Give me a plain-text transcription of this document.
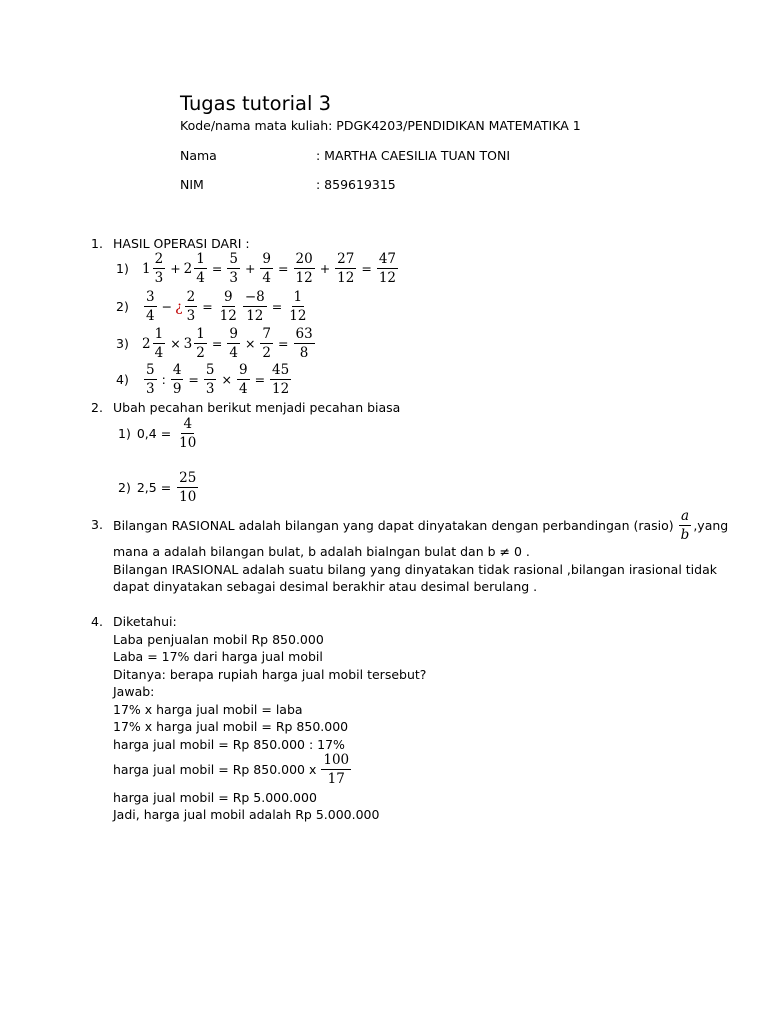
Tugas tutorial 3
Kode/nama mata kuliah: PDGK4203/PENDIDIKAN MATEMATIKA 1
Nama	: MARTHA CAESILIA TUAN TONI
NIM	: 859619315
1. HASIL OPERASI DARI :
1) $1 \frac{2}{3} + 2 \frac{1}{4} = \frac{5}{3} + \frac{9}{4} = \frac{20}{12} + \frac{27}{12} = \frac{47}{12}$
2)	$\frac{3}{4}$ − ¿ $\frac{2}{3} = \frac{9}{12} \frac{-8}{12} = \frac{1}{12}$
3) $2 \frac{1}{4} \times 3 \frac{1}{2} = \frac{9}{4} \times \frac{7}{2} = \frac{63}{8}$
4)	$\frac{5}{3}$ : $\frac{4}{9} = \frac{5}{3} \times \frac{9}{4} = \frac{45}{12}$
2. Ubah pecahan berikut menjadi pecahan biasa
1) $0,4 = \frac{4}{10}$
2) $2,5 = \frac{25}{10}$
3. Bilangan RASIONAL adalah bilangan yang dapat dinyatakan dengan perbandingan (rasio) $\frac{a}{b}$ ,yang
mana a adalah bilangan bulat, b adalah bialngan bulat dan b ≠ 0 .
Bilangan IRASIONAL adalah suatu bilang yang dinyatakan tidak rasional ,bilangan irasional tidak
dapat dinyatakan sebagai desimal berakhir atau desimal berulang .
4. Diketahui:
Laba penjualan mobil Rp 850.000
Laba = 17% dari harga jual mobil
Ditanya: berapa rupiah harga jual mobil tersebut?
Jawab:
17% x harga jual mobil = laba
17% x harga jual mobil = Rp 850.000
harga jual mobil = Rp 850.000 : 17%
harga jual mobil = Rp 850.000 x $\frac{100}{17}$
harga jual mobil = Rp 5.000.000
Jadi, harga jual mobil adalah Rp 5.000.000
